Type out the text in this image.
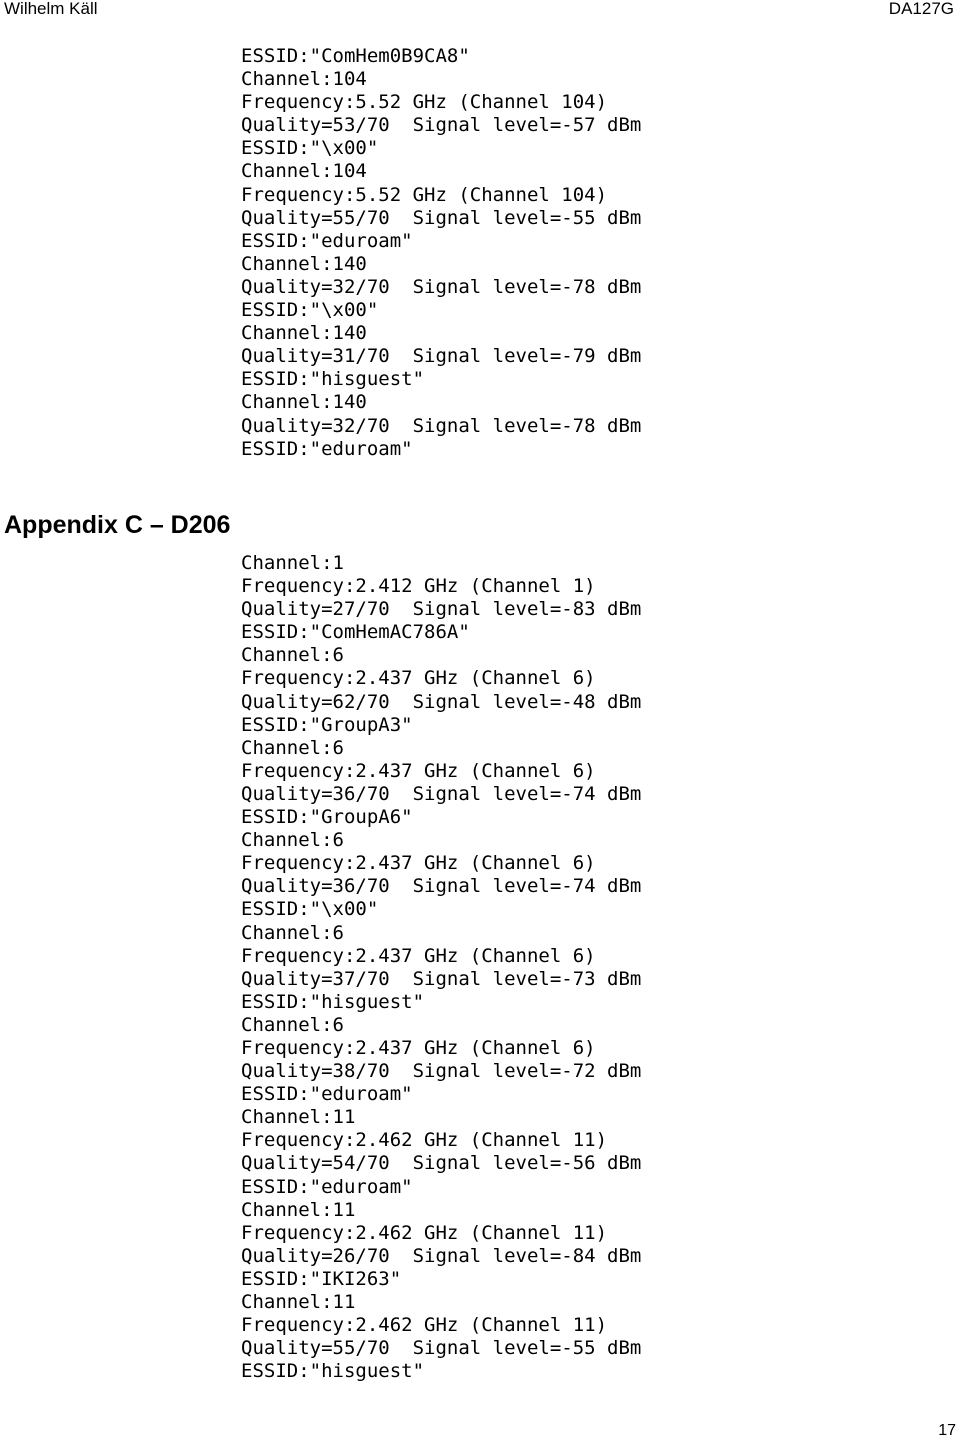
Wilhelm Käll	DA127G
ESSID:"ComHem0B9CA8"
Channel:104
Frequency:5.52 GHz (Channel 104)
Quality=53/70  Signal level=-57 dBm
ESSID:"\x00"
Channel:104
Frequency:5.52 GHz (Channel 104)
Quality=55/70  Signal level=-55 dBm
ESSID:"eduroam"
Channel:140
Quality=32/70  Signal level=-78 dBm
ESSID:"\x00"
Channel:140
Quality=31/70  Signal level=-79 dBm
ESSID:"hisguest"
Channel:140
Quality=32/70  Signal level=-78 dBm
ESSID:"eduroam"
Appendix C – D206
Channel:1
Frequency:2.412 GHz (Channel 1)
Quality=27/70  Signal level=-83 dBm
ESSID:"ComHemAC786A"
Channel:6
Frequency:2.437 GHz (Channel 6)
Quality=62/70  Signal level=-48 dBm
ESSID:"GroupA3"
Channel:6
Frequency:2.437 GHz (Channel 6)
Quality=36/70  Signal level=-74 dBm
ESSID:"GroupA6"
Channel:6
Frequency:2.437 GHz (Channel 6)
Quality=36/70  Signal level=-74 dBm
ESSID:"\x00"
Channel:6
Frequency:2.437 GHz (Channel 6)
Quality=37/70  Signal level=-73 dBm
ESSID:"hisguest"
Channel:6
Frequency:2.437 GHz (Channel 6)
Quality=38/70  Signal level=-72 dBm
ESSID:"eduroam"
Channel:11
Frequency:2.462 GHz (Channel 11)
Quality=54/70  Signal level=-56 dBm
ESSID:"eduroam"
Channel:11
Frequency:2.462 GHz (Channel 11)
Quality=26/70  Signal level=-84 dBm
ESSID:"IKI263"
Channel:11
Frequency:2.462 GHz (Channel 11)
Quality=55/70  Signal level=-55 dBm
ESSID:"hisguest"
17
